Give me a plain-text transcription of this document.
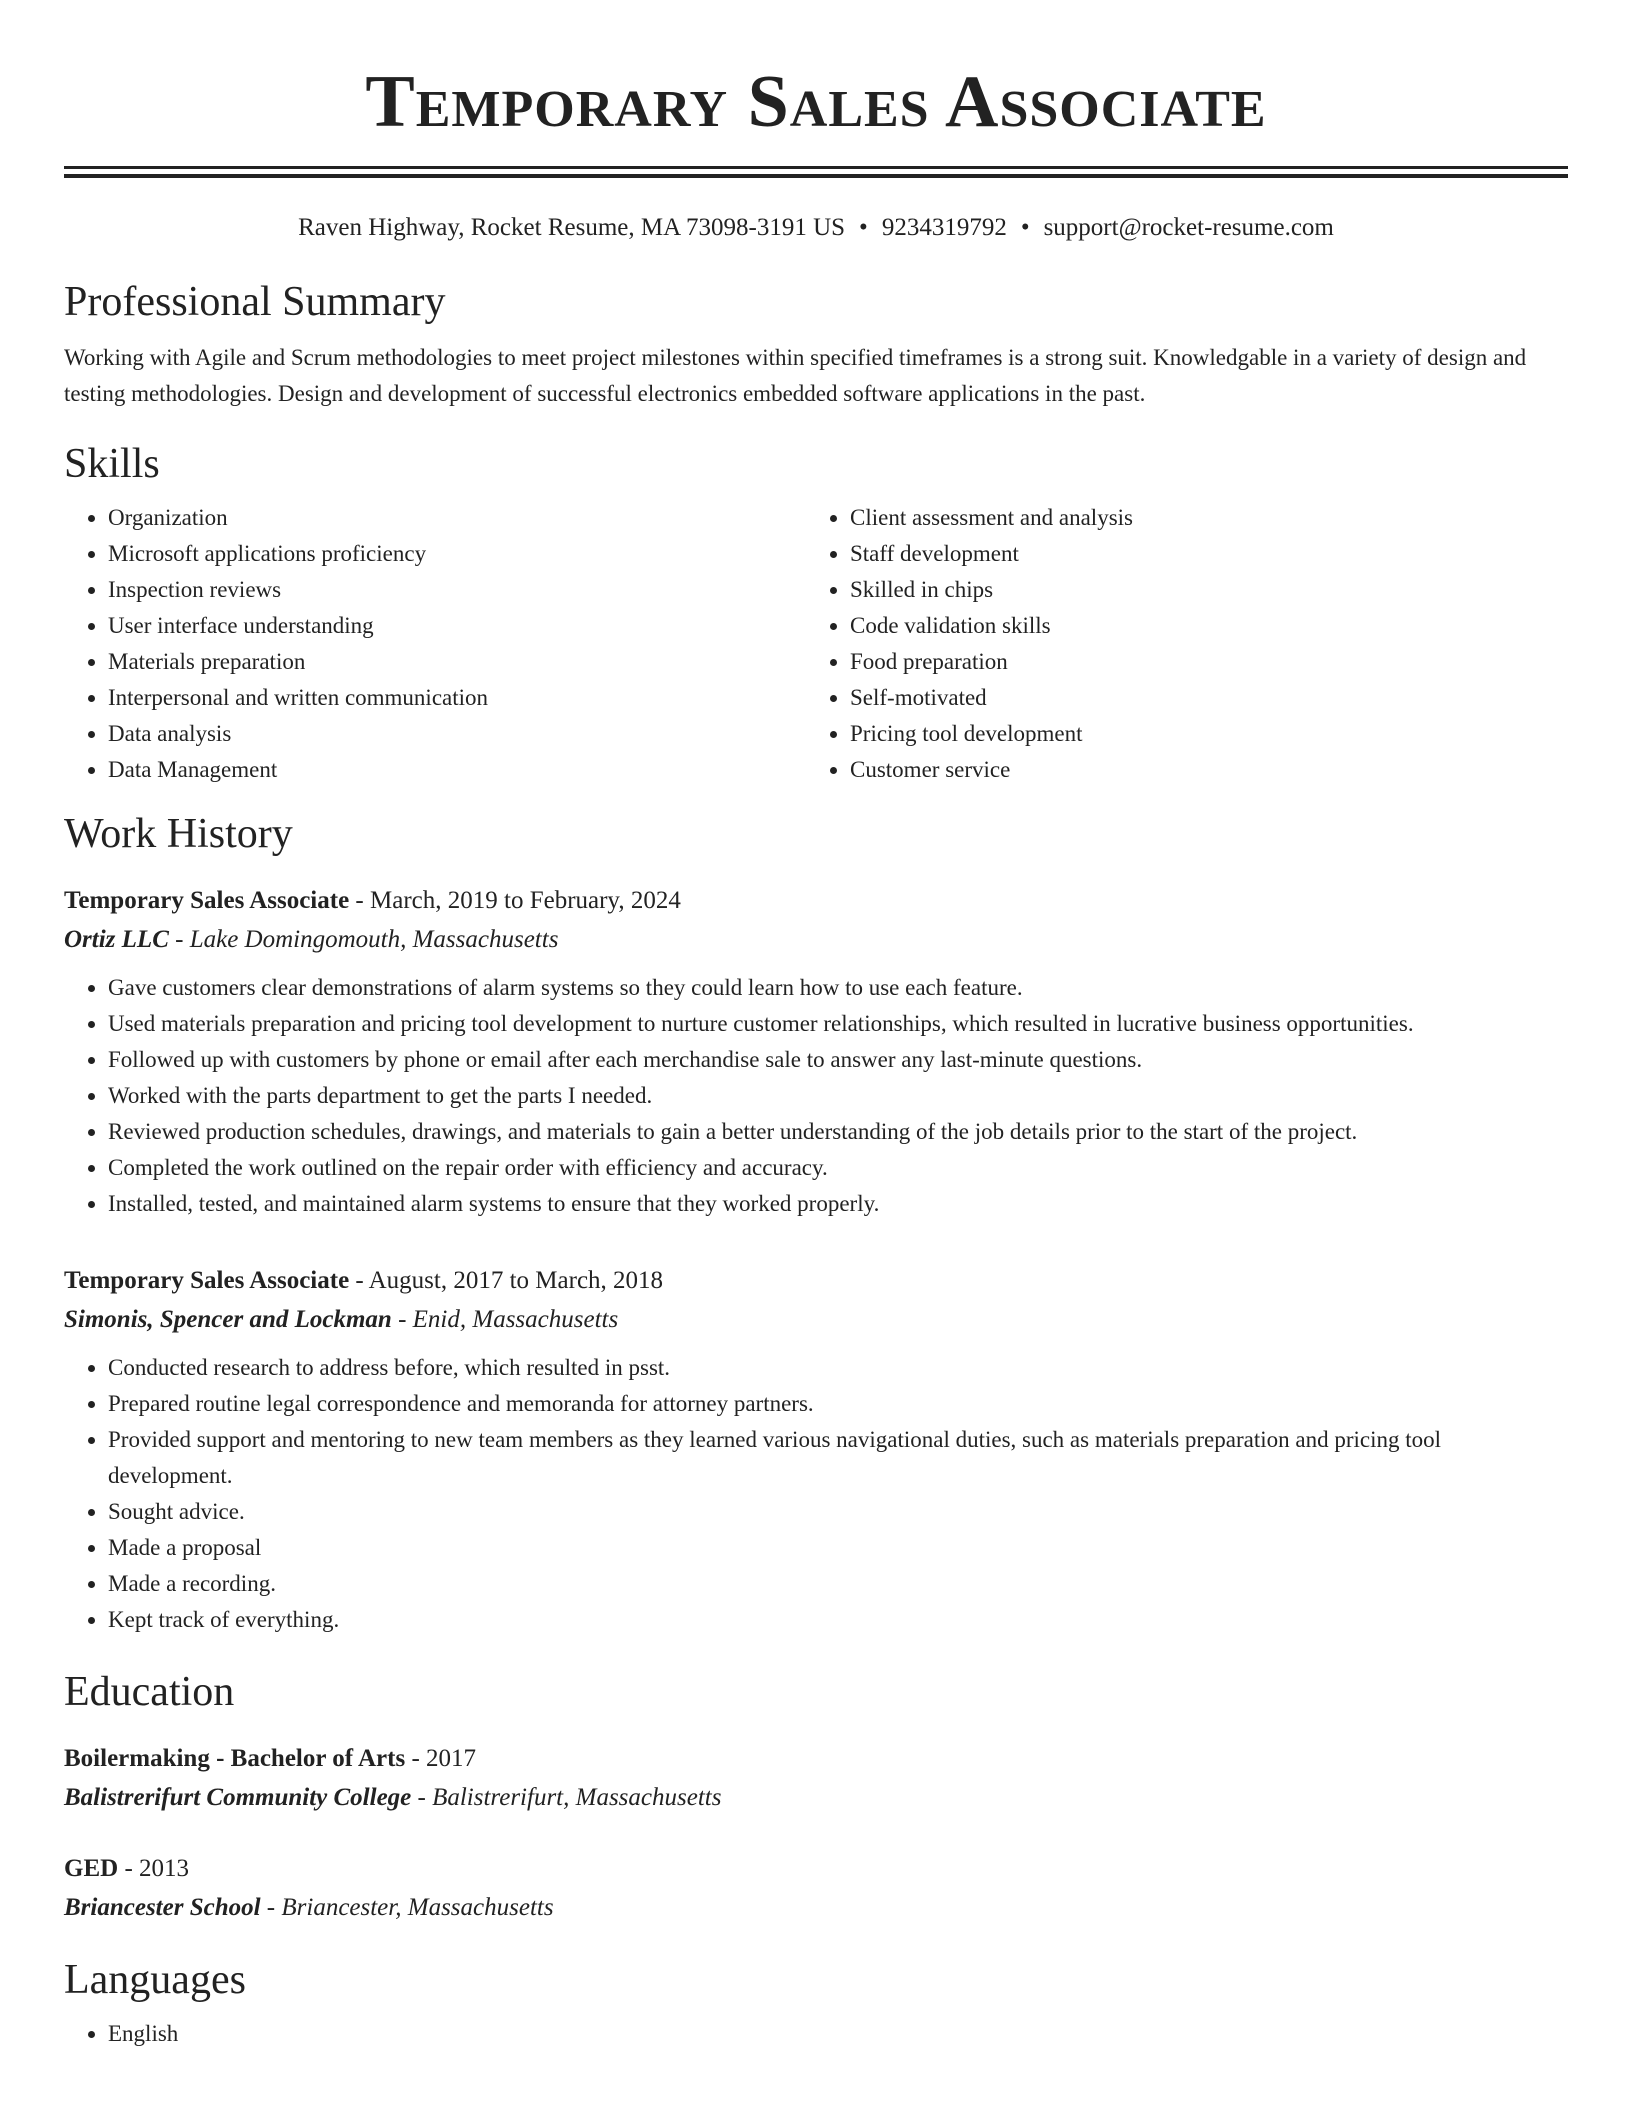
Temporary Sales Associate
Raven Highway, Rocket Resume, MA 73098-3191 US • 9234319792 • support@rocket-resume.com
Professional Summary
Working with Agile and Scrum methodologies to meet project milestones within specified timeframes is a strong suit. Knowledgable in a variety of design and testing methodologies. Design and development of successful electronics embedded software applications in the past.
Skills
• Organization
• Microsoft applications proficiency
• Inspection reviews
• User interface understanding
• Materials preparation
• Interpersonal and written communication
• Data analysis
• Data Management
• Client assessment and analysis
• Staff development
• Skilled in chips
• Code validation skills
• Food preparation
• Self-motivated
• Pricing tool development
• Customer service
Work History
Temporary Sales Associate - March, 2019 to February, 2024
Ortiz LLC - Lake Domingomouth, Massachusetts
• Gave customers clear demonstrations of alarm systems so they could learn how to use each feature.
• Used materials preparation and pricing tool development to nurture customer relationships, which resulted in lucrative business opportunities.
• Followed up with customers by phone or email after each merchandise sale to answer any last-minute questions.
• Worked with the parts department to get the parts I needed.
• Reviewed production schedules, drawings, and materials to gain a better understanding of the job details prior to the start of the project.
• Completed the work outlined on the repair order with efficiency and accuracy.
• Installed, tested, and maintained alarm systems to ensure that they worked properly.
Temporary Sales Associate - August, 2017 to March, 2018
Simonis, Spencer and Lockman - Enid, Massachusetts
• Conducted research to address before, which resulted in psst.
• Prepared routine legal correspondence and memoranda for attorney partners.
• Provided support and mentoring to new team members as they learned various navigational duties, such as materials preparation and pricing tool development.
• Sought advice.
• Made a proposal
• Made a recording.
• Kept track of everything.
Education
Boilermaking - Bachelor of Arts - 2017
Balistrerifurt Community College - Balistrerifurt, Massachusetts
GED - 2013
Briancester School - Briancester, Massachusetts
Languages
• English
